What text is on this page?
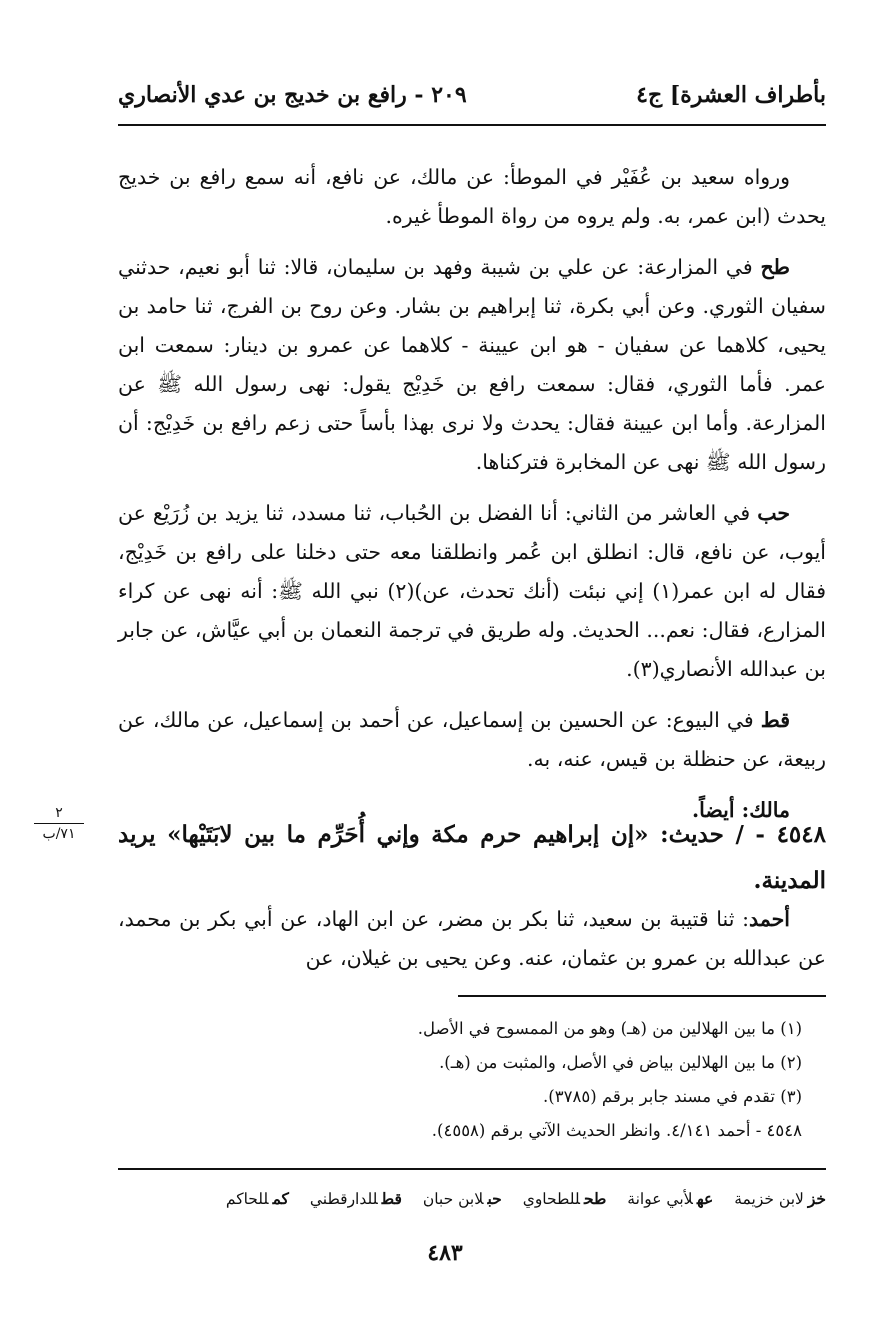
بأطراف العشرة] ج٤
٢٠٩ - رافع بن خديج بن عدي الأنصاري

ورواه سعيد بن عُفَيْر في الموطأ: عن مالك، عن نافع، أنه سمع رافع بن خديج يحدث (ابن عمر، به. ولم يروه من رواة الموطأ غيره.

طح في المزارعة: عن علي بن شيبة وفهد بن سليمان، قالا: ثنا أبو نعيم، حدثني سفيان الثوري. وعن أبي بكرة، ثنا إبراهيم بن بشار. وعن روح بن الفرج، ثنا حامد بن يحيى، كلاهما عن سفيان - هو ابن عيينة - كلاهما عن عمرو بن دينار: سمعت ابن عمر. فأما الثوري، فقال: سمعت رافع بن خَدِيْج يقول: نهى رسول الله ﷺ عن المزارعة. وأما ابن عيينة فقال: يحدث ولا نرى بهذا بأساً حتى زعم رافع بن خَدِيْج: أن رسول الله ﷺ نهى عن المخابرة فتركناها.

حب في العاشر من الثاني: أنا الفضل بن الحُباب، ثنا مسدد، ثنا يزيد بن زُرَيْع عن أيوب، عن نافع، قال: انطلق ابن عُمر وانطلقنا معه حتى دخلنا على رافع بن خَدِيْج، فقال له ابن عمر(١) إني نبئت (أنك تحدث، عن)(٢) نبي الله ﷺ: أنه نهى عن كراء المزارع، فقال: نعم... الحديث. وله طريق في ترجمة النعمان بن أبي عيَّاش، عن جابر بن عبدالله الأنصاري(٣).

قط في البيوع: عن الحسين بن إسماعيل، عن أحمد بن إسماعيل، عن مالك، عن ربيعة، عن حنظلة بن قيس، عنه، به.

مالك: أيضاً.

٢
٧١/ب	٤٥٤٨ - / حديث: «إن إبراهيم حرم مكة وإني أُحَرِّم ما بين لابَتَيْها» يريد المدينة.
أحمد: ثنا قتيبة بن سعيد، ثنا بكر بن مضر، عن ابن الهاد، عن أبي بكر بن محمد، عن عبدالله بن عمرو بن عثمان، عنه. وعن يحيى بن غيلان، عن
(١) ما بين الهلالين من (هـ) وهو من الممسوح في الأصل.
(٢) ما بين الهلالين بياض في الأصل، والمثبت من (هـ).
(٣) تقدم في مسند جابر برقم (٣٧٨٥).
٤٥٤٨ - أحمد ٤/١٤١. وانظر الحديث الآتي برقم (٤٥٥٨).
خزلابن خزيمة عهلأبي عوانة طحللطحاوي حبلابن حبان قطللدارقطني كمللحاكم
٤٨٣
